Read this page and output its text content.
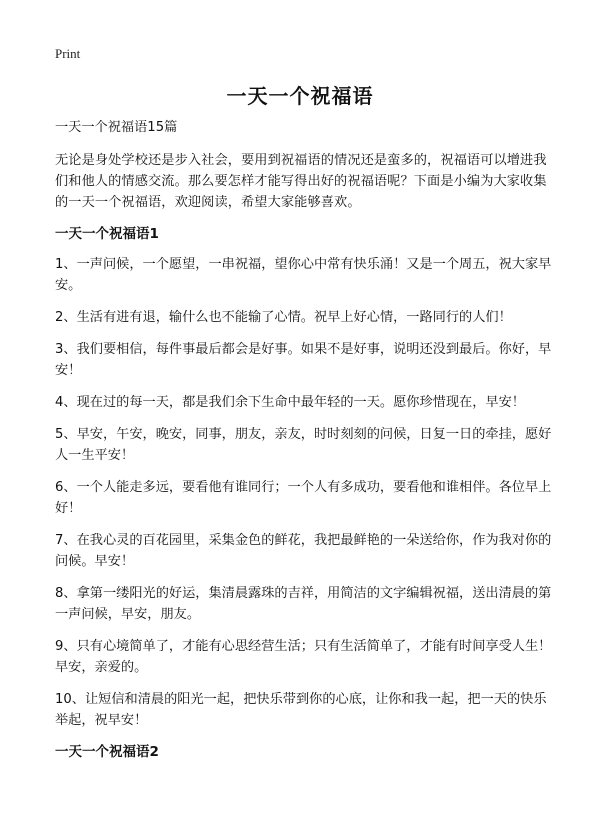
Print
一天一个祝福语

一天一个祝福语15篇

无论是身处学校还是步入社会，要用到祝福语的情况还是蛮多的，祝福语可以增进我们和他人的情感交流。那么要怎样才能写得出好的祝福语呢？下面是小编为大家收集的一天一个祝福语，欢迎阅读，希望大家能够喜欢。

一天一个祝福语1

1、一声问候，一个愿望，一串祝福，望你心中常有快乐涌！又是一个周五，祝大家早安。

2、生活有进有退，输什么也不能输了心情。祝早上好心情，一路同行的人们！

3、我们要相信，每件事最后都会是好事。如果不是好事，说明还没到最后。你好，早安！

4、现在过的每一天，都是我们余下生命中最年轻的一天。愿你珍惜现在，早安！

5、早安，午安，晚安，同事，朋友，亲友，时时刻刻的问候，日复一日的牵挂，愿好人一生平安！

6、一个人能走多远，要看他有谁同行；一个人有多成功，要看他和谁相伴。各位早上好！

7、在我心灵的百花园里，采集金色的鲜花，我把最鲜艳的一朵送给你，作为我对你的问候。早安！

8、拿第一缕阳光的好运，集清晨露珠的吉祥，用简洁的文字编辑祝福，送出清晨的第一声问候，早安，朋友。

9、只有心境简单了，才能有心思经营生活；只有生活简单了，才能有时间享受人生！早安，亲爱的。

10、让短信和清晨的阳光一起，把快乐带到你的心底，让你和我一起，把一天的快乐举起，祝早安！

一天一个祝福语2
